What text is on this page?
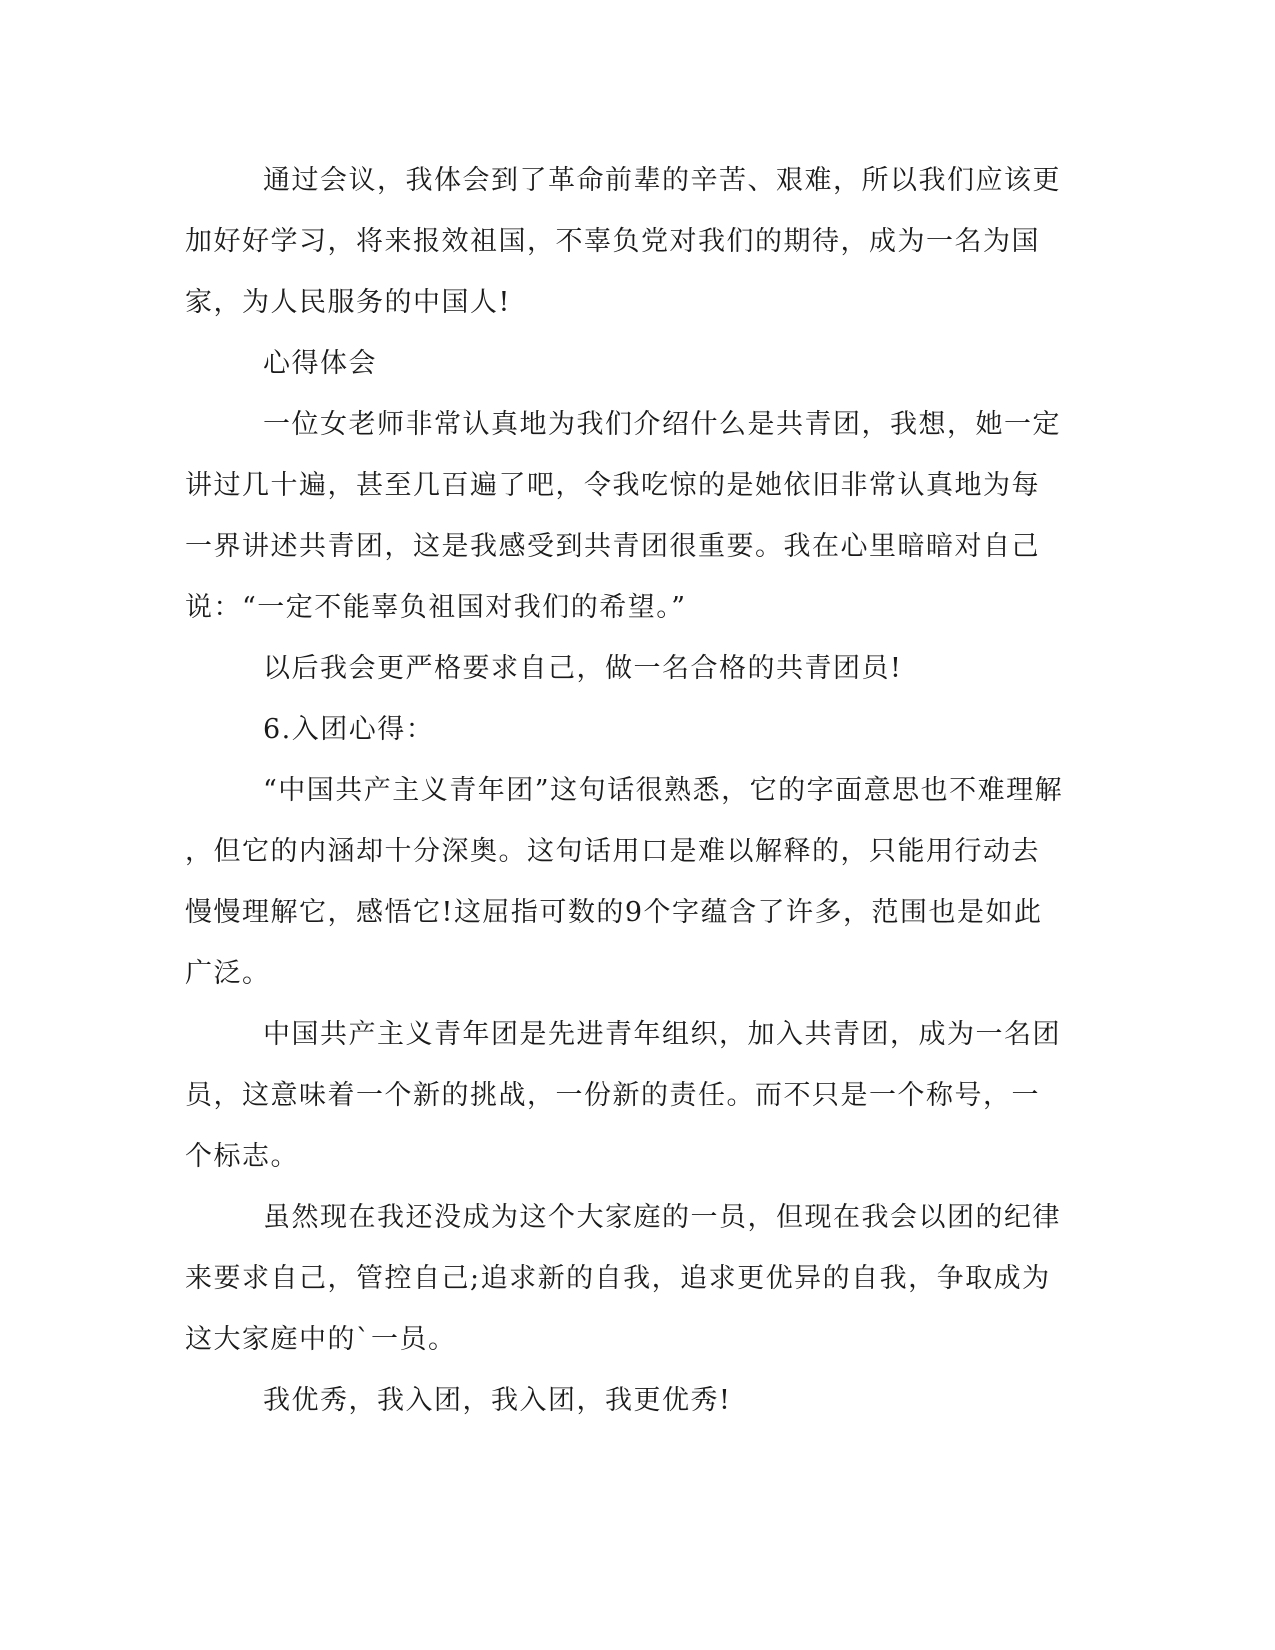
通过会议，我体会到了革命前辈的辛苦、艰难，所以我们应该更
加好好学习，将来报效祖国，不辜负党对我们的期待，成为一名为国
家，为人民服务的中国人!
心得体会
一位女老师非常认真地为我们介绍什么是共青团，我想，她一定
讲过几十遍，甚至几百遍了吧，令我吃惊的是她依旧非常认真地为每
一界讲述共青团，这是我感受到共青团很重要。我在心里暗暗对自己
说：“一定不能辜负祖国对我们的希望。”
以后我会更严格要求自己，做一名合格的共青团员!
6.入团心得：
“中国共产主义青年团”这句话很熟悉，它的字面意思也不难理解
，但它的内涵却十分深奥。这句话用口是难以解释的，只能用行动去
慢慢理解它，感悟它!这屈指可数的9个字蕴含了许多，范围也是如此
广泛。
中国共产主义青年团是先进青年组织，加入共青团，成为一名团
员，这意味着一个新的挑战，一份新的责任。而不只是一个称号，一
个标志。
虽然现在我还没成为这个大家庭的一员，但现在我会以团的纪律
来要求自己，管控自己;追求新的自我，追求更优异的自我，争取成为
这大家庭中的`一员。
我优秀，我入团，我入团，我更优秀!
